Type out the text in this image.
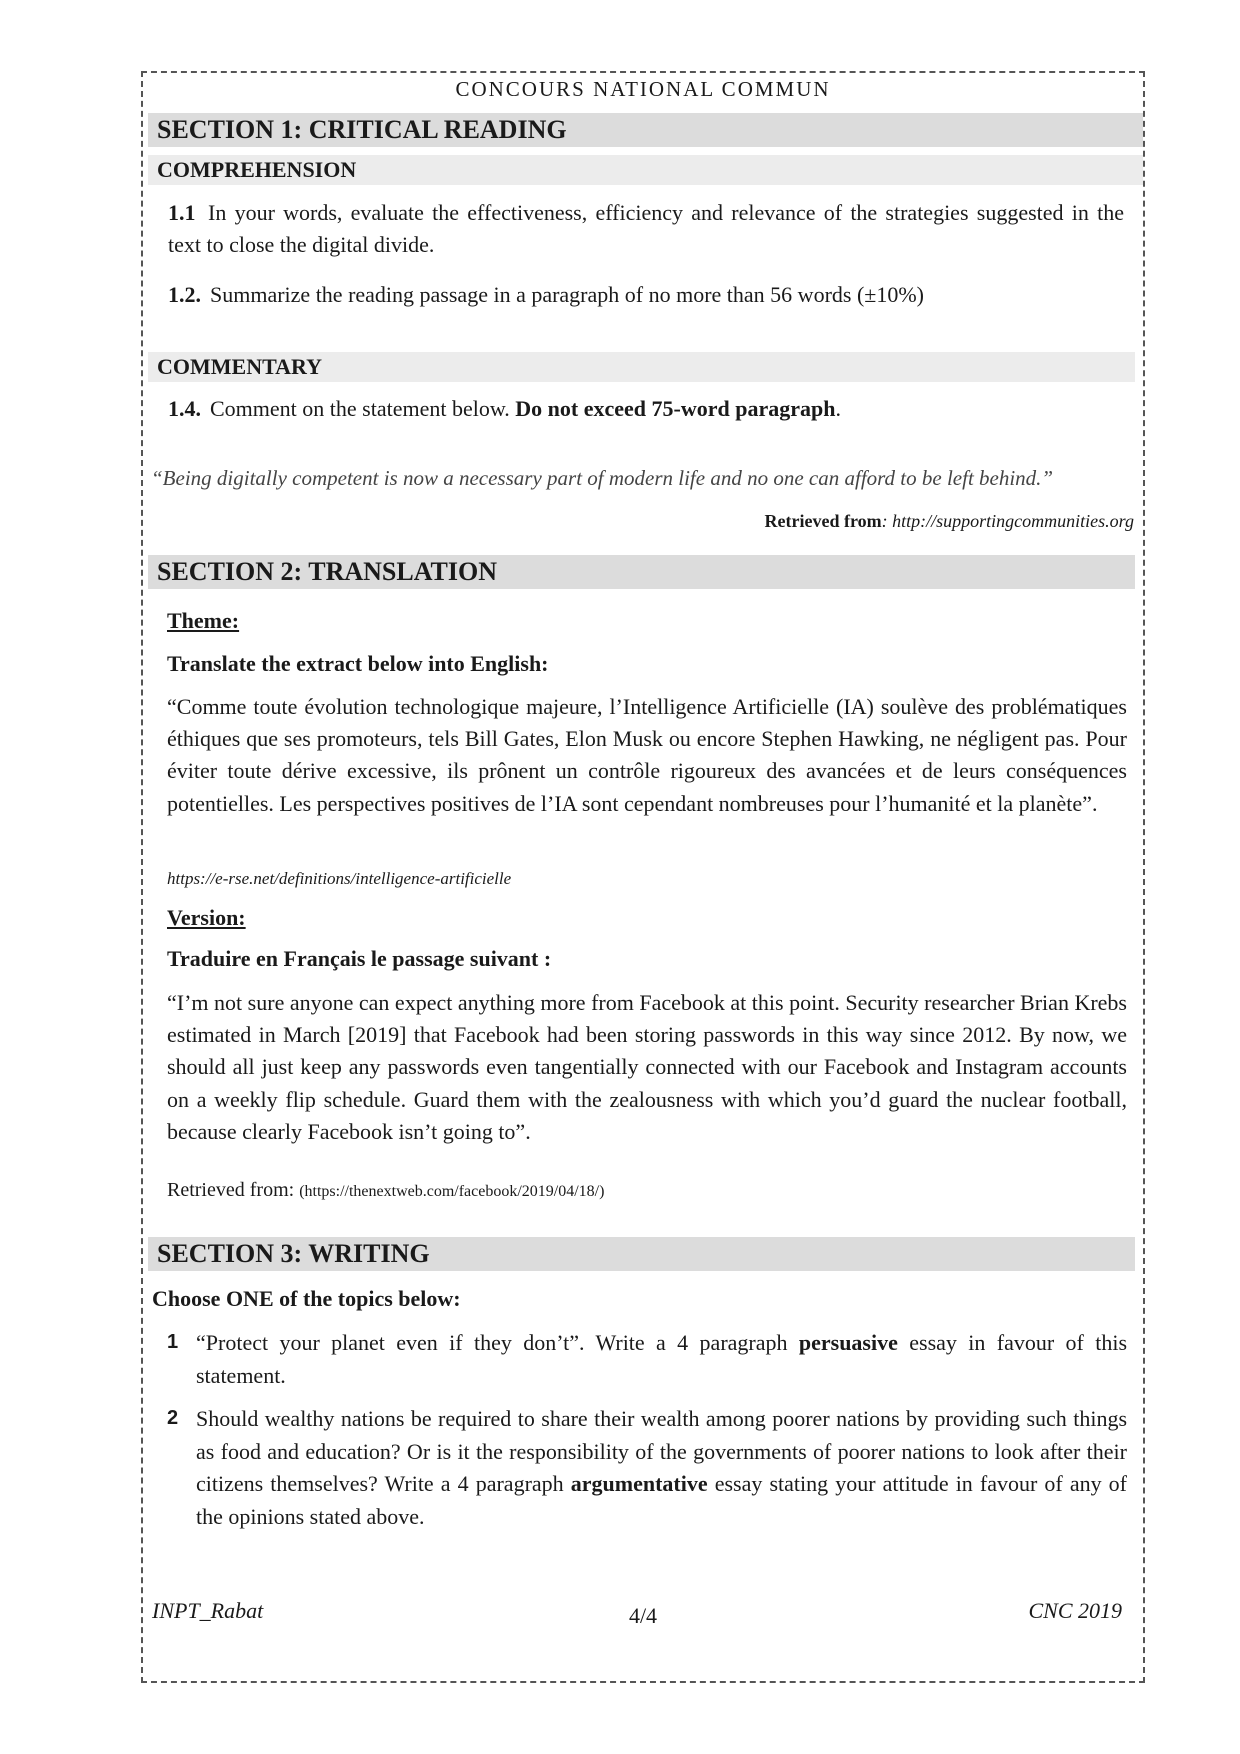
CONCOURS NATIONAL COMMUN
SECTION 1: CRITICAL READING
COMPREHENSION
1.1 In your words, evaluate the effectiveness, efficiency and relevance of the strategies suggested in the text to close the digital divide.
1.2. Summarize the reading passage in a paragraph of no more than 56 words (±10%)
COMMENTARY
1.4. Comment on the statement below. Do not exceed 75-word paragraph.
“Being digitally competent is now a necessary part of modern life and no one can afford to be left behind.”
Retrieved from: http://supportingcommunities.org
SECTION 2: TRANSLATION
Theme:
Translate the extract below into English:
“Comme toute évolution technologique majeure, l’Intelligence Artificielle (IA) soulève des problématiques éthiques que ses promoteurs, tels Bill Gates, Elon Musk ou encore Stephen Hawking, ne négligent pas. Pour éviter toute dérive excessive, ils prônent un contrôle rigoureux des avancées et de leurs conséquences potentielles. Les perspectives positives de l’IA sont cependant nombreuses pour l’humanité et la planète”.
https://e-rse.net/definitions/intelligence-artificielle
Version:
Traduire en Français le passage suivant :
“I’m not sure anyone can expect anything more from Facebook at this point. Security researcher Brian Krebs estimated in March [2019] that Facebook had been storing passwords in this way since 2012. By now, we should all just keep any passwords even tangentially connected with our Facebook and Instagram accounts on a weekly flip schedule. Guard them with the zealousness with which you’d guard the nuclear football, because clearly Facebook isn’t going to”.
Retrieved from: (https://thenextweb.com/facebook/2019/04/18/)
SECTION 3: WRITING
Choose ONE of the topics below:
1 “Protect your planet even if they don’t”. Write a 4 paragraph persuasive essay in favour of this statement.
2 Should wealthy nations be required to share their wealth among poorer nations by providing such things as food and education? Or is it the responsibility of the governments of poorer nations to look after their citizens themselves? Write a 4 paragraph argumentative essay stating your attitude in favour of any of the opinions stated above.
INPT_Rabat	4/4	CNC 2019
